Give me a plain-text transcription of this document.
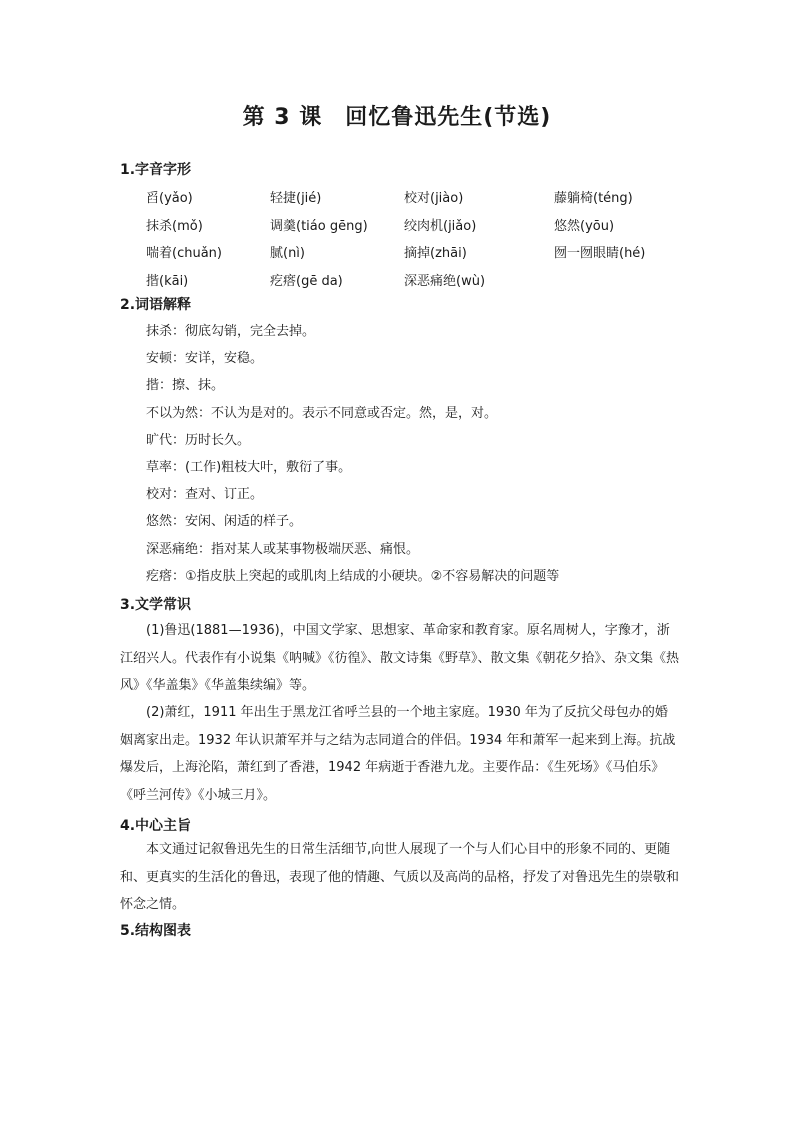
第 3 课　回忆鲁迅先生(节选)
1.字音字形
舀(yǎo)	轻捷(jié)	校对(jiào)	藤躺椅(téng)
抹杀(mǒ)	调羹(tiáo gēng)	绞肉机(jiǎo)	悠然(yōu)
喘着(chuǎn)	腻(nì)	摘掉(zhāi)	囫一囫眼睛(hé)
揩(kāi)	疙瘩(gē da)	深恶痛绝(wù)
2.词语解释
抹杀：彻底勾销，完全去掉。
安顿：安详，安稳。
揩：擦、抹。
不以为然：不认为是对的。表示不同意或否定。然，是，对。
旷代：历时长久。
草率：(工作)粗枝大叶，敷衍了事。
校对：查对、订正。
悠然：安闲、闲适的样子。
深恶痛绝：指对某人或某事物极端厌恶、痛恨。
疙瘩：①指皮肤上突起的或肌肉上结成的小硬块。②不容易解决的问题等
3.文学常识

(1)鲁迅(1881—1936)，中国文学家、思想家、革命家和教育家。原名周树人，字豫才，浙江绍兴人。代表作有小说集《呐喊》《彷徨》、散文诗集《野草》、散文集《朝花夕拾》、杂文集《热风》《华盖集》《华盖集续编》等。

(2)萧红，1911 年出生于黑龙江省呼兰县的一个地主家庭。1930 年为了反抗父母包办的婚姻离家出走。1932 年认识萧军并与之结为志同道合的伴侣。1934 年和萧军一起来到上海。抗战爆发后，上海沦陷，萧红到了香港，1942 年病逝于香港九龙。主要作品：《生死场》《马伯乐》《呼兰河传》《小城三月》。

4.中心主旨

本文通过记叙鲁迅先生的日常生活细节,向世人展现了一个与人们心目中的形象不同的、更随和、更真实的生活化的鲁迅，表现了他的情趣、气质以及高尚的品格，抒发了对鲁迅先生的崇敬和怀念之情。

5.结构图表
